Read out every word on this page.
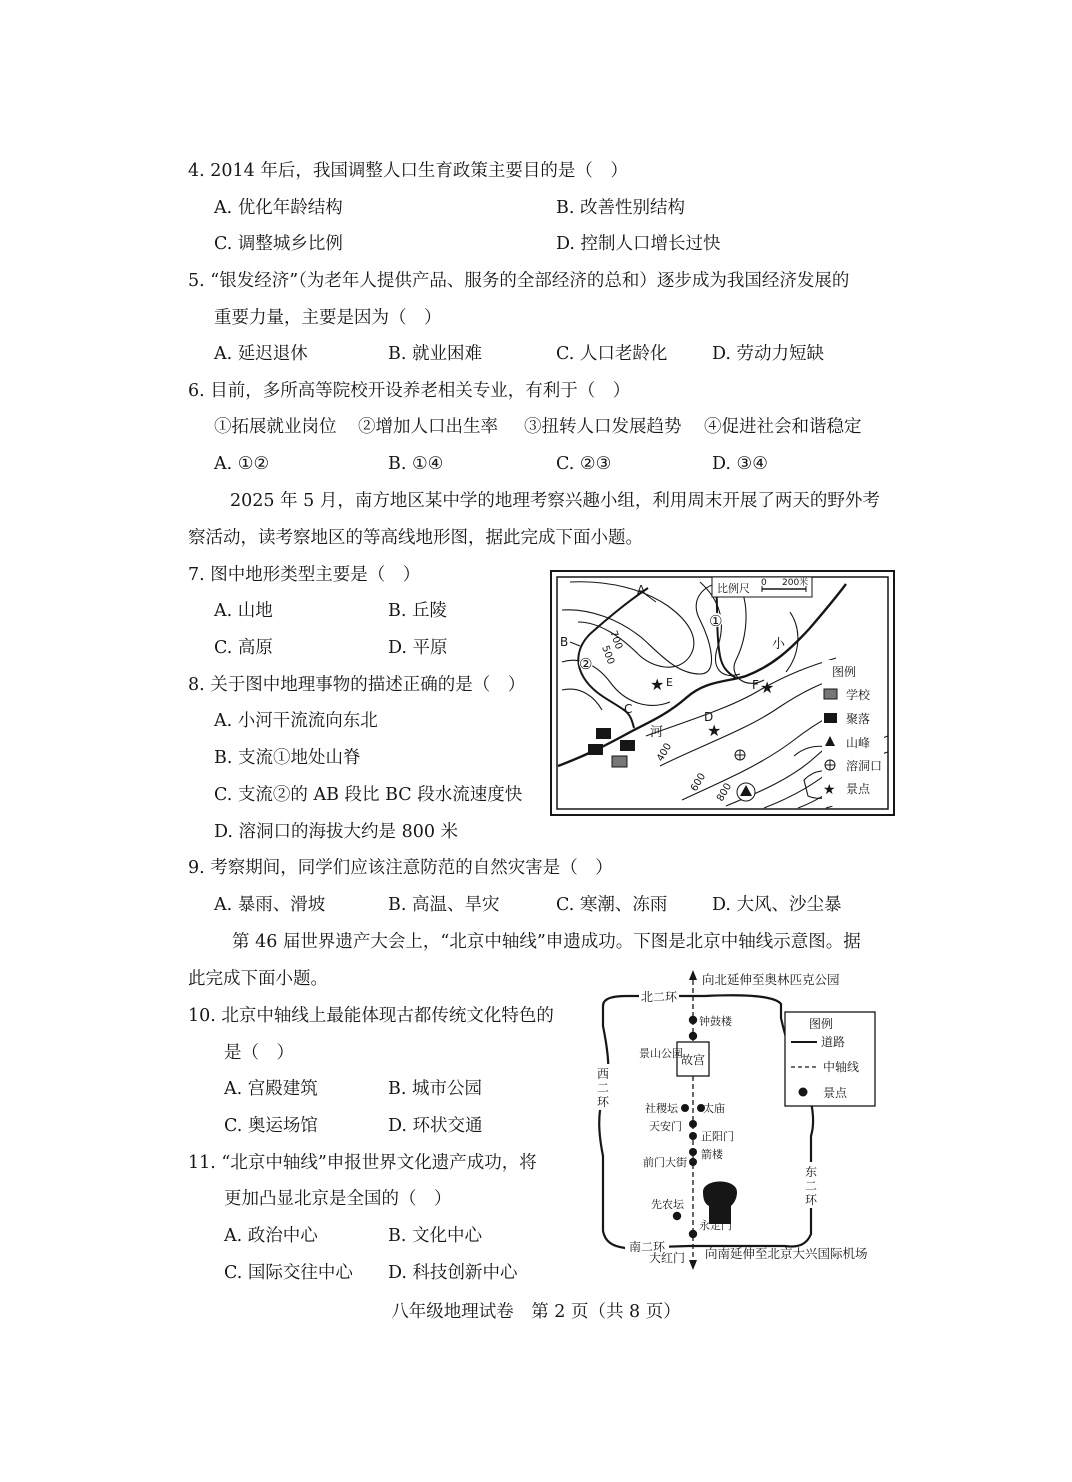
4. 2014 年后，我国调整人口生育政策主要目的是（　）
A. 优化年龄结构	B. 改善性别结构
C. 调整城乡比例	D. 控制人口增长过快
5. “银发经济”（为老年人提供产品、服务的全部经济的总和）逐步成为我国经济发展的
重要力量，主要是因为（　）
A. 延迟退休	B. 就业困难	C. 人口老龄化	D. 劳动力短缺
6. 目前，多所高等院校开设养老相关专业，有利于（　）
①拓展就业岗位 ②增加人口出生率 ③扭转人口发展趋势 ④促进社会和谐稳定
A. ①②	B. ①④	C. ②③	D. ③④
2025 年 5 月，南方地区某中学的地理考察兴趣小组，利用周末开展了两天的野外考
察活动，读考察地区的等高线地形图，据此完成下面小题。
7. 图中地形类型主要是（　）
A. 山地	B. 丘陵
C. 高原	D. 平原
8. 关于图中地理事物的描述正确的是（　）
A. 小河干流流向东北
B. 支流①地处山脊
C. 支流②的 AB 段比 BC 段水流速度快
D. 溶洞口的海拔大约是 800 米
9. 考察期间，同学们应该注意防范的自然灾害是（　）
A. 暴雨、滑坡	B. 高温、旱灾	C. 寒潮、冻雨	D. 大风、沙尘暴
第 46 届世界遗产大会上，“北京中轴线”申遗成功。下图是北京中轴线示意图。据
此完成下面小题。
10. 北京中轴线上最能体现古都传统文化特色的
是（　）
A. 宫殿建筑	B. 城市公园
C. 奥运场馆	D. 环状交通
11. “北京中轴线”申报世界文化遗产成功，将
更加凸显北京是全国的（　）
A. 政治中心	B. 文化中心
C. 国际交往中心 D. 科技创新中心
A
B
C
D
E	F
①
②
700
500
400
600 800
小
河
★
★
★
比例尺 0 200米
图例
学校
聚落
山峰
溶洞口
★ 景点
向北延伸至奥林匹克公园
向南延伸至北京大兴国际机场
北二环
南二环
西
二
环
东
二
环
故宫
钟鼓楼
景山公园
社稷坛 太庙
天安门
正阳门
箭楼
前门大街
先农坛
永定门
大红门
图例
道路
中轴线
景点
八年级地理试卷　第 2 页（共 8 页）
